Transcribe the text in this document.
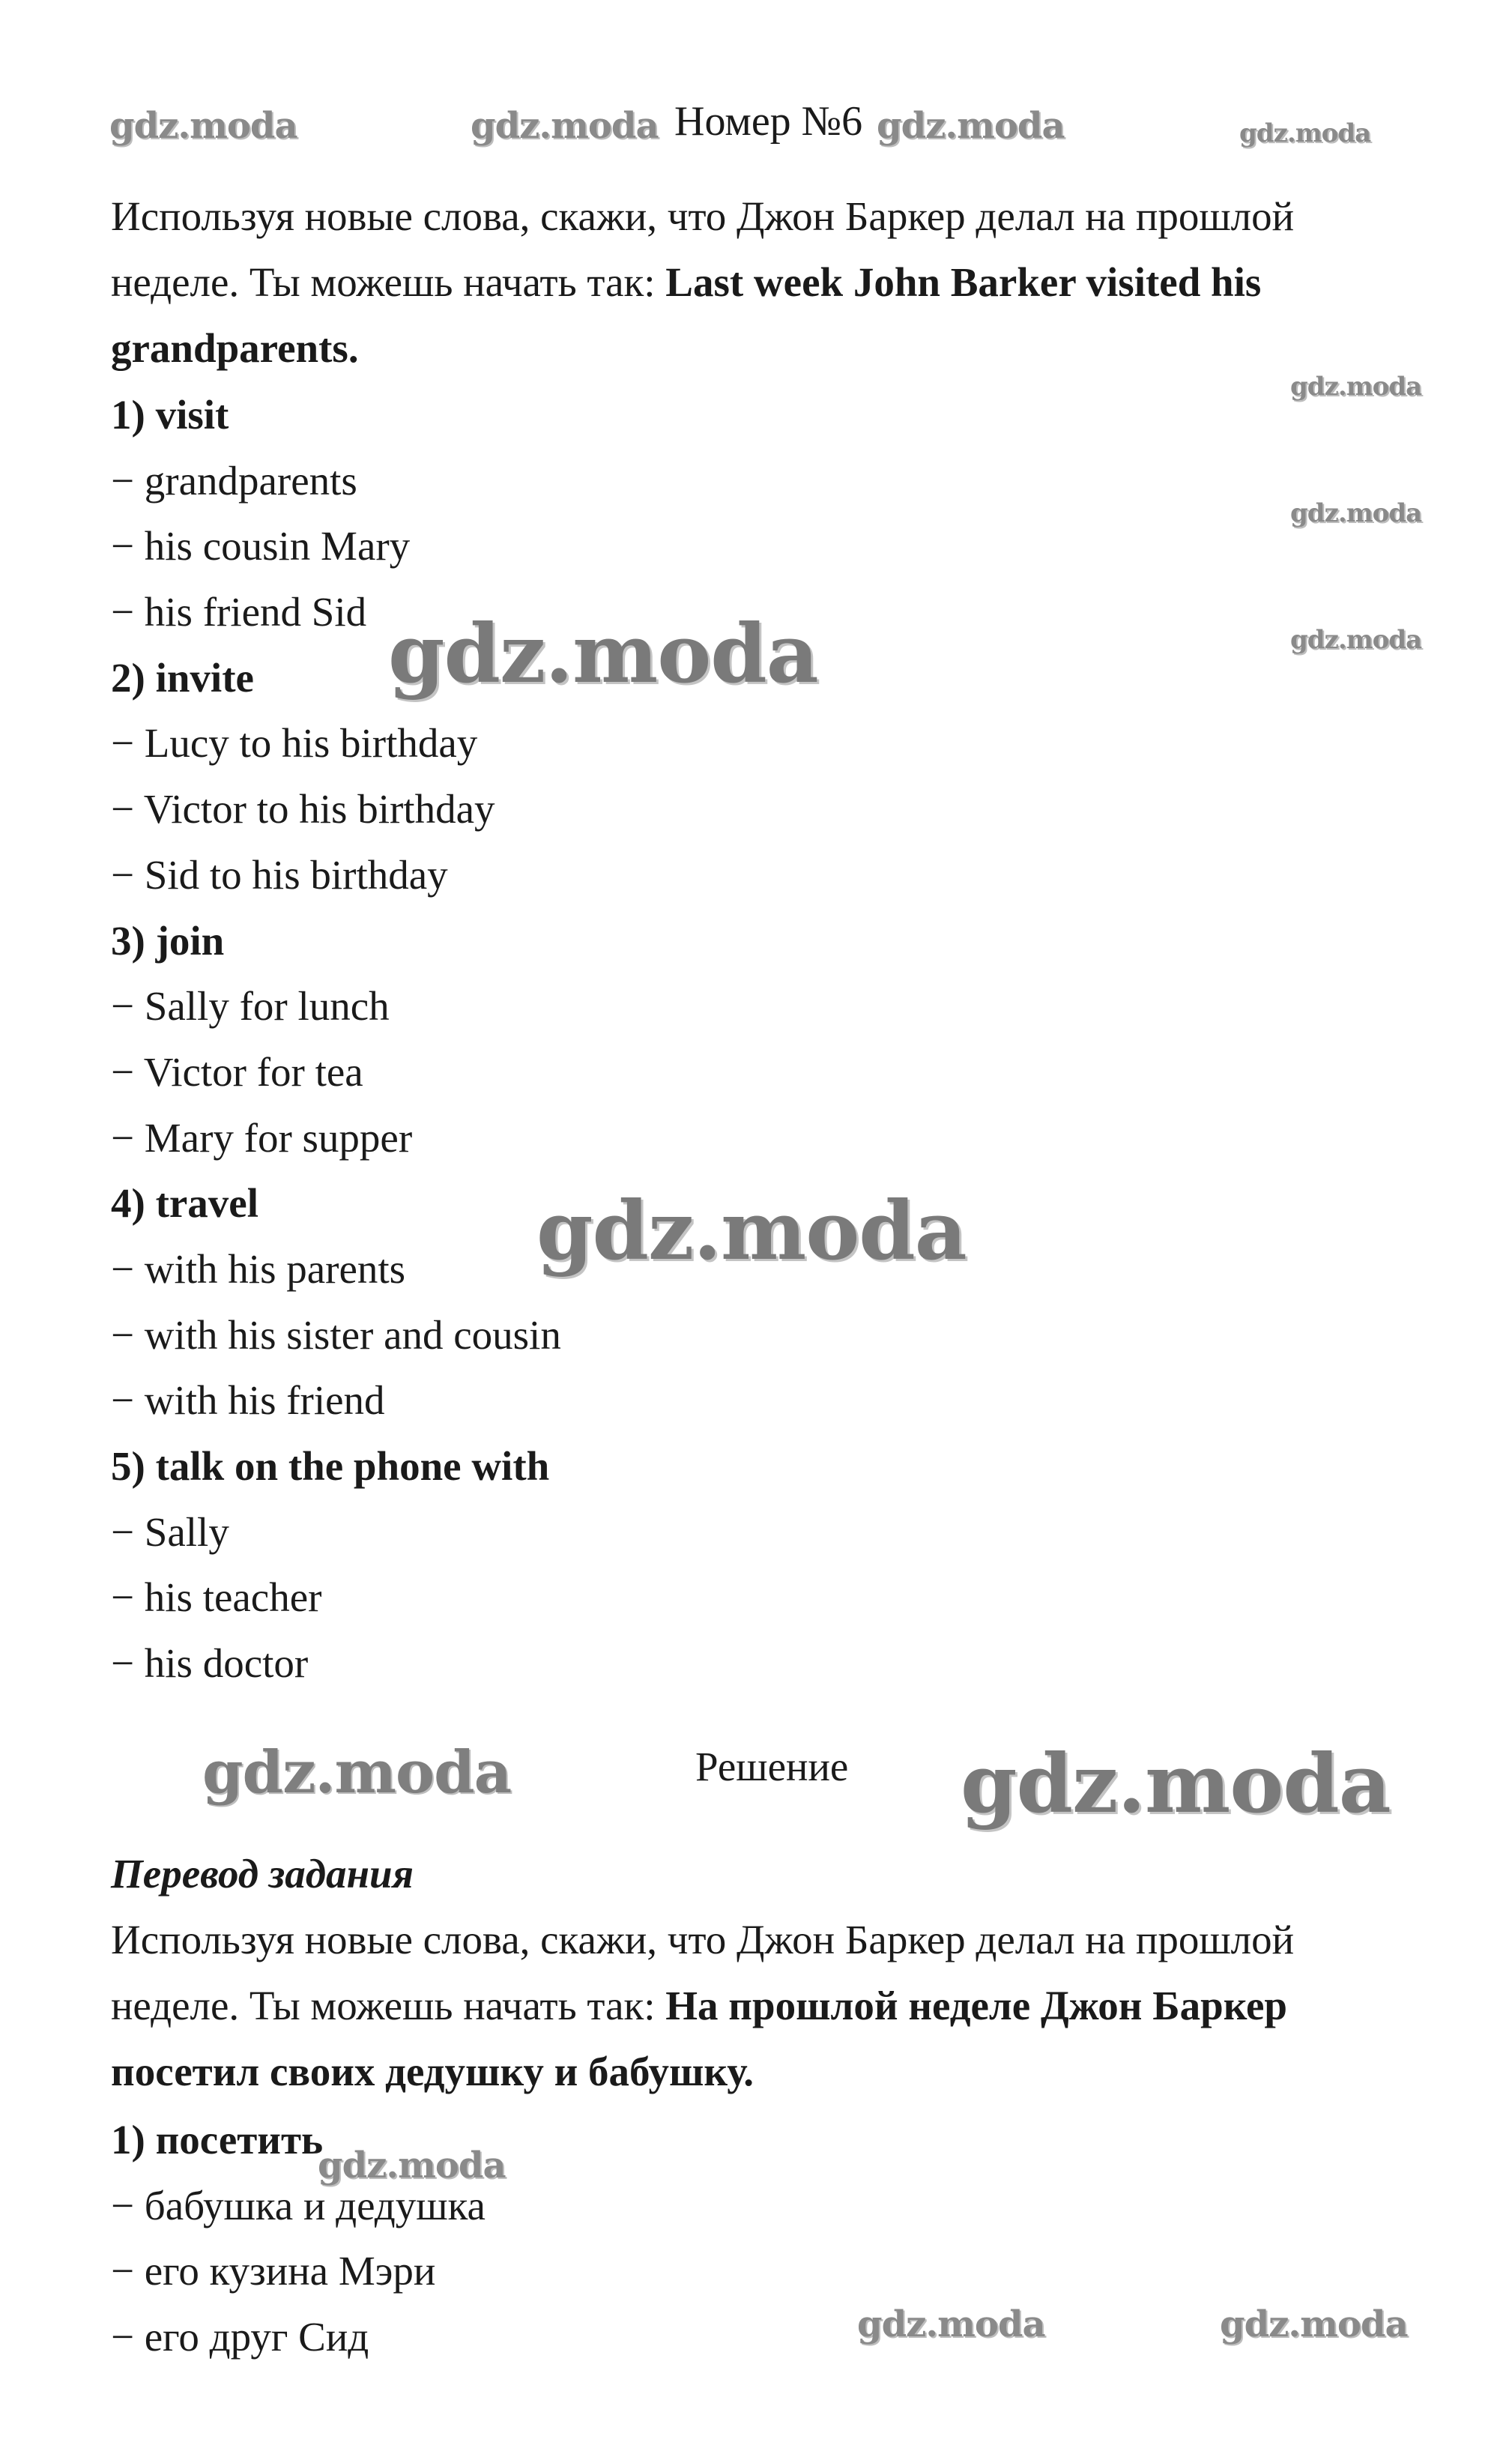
Номер №6
Используя новые слова, скажи, что Джон Баркер делал на прошлой неделе. Ты можешь начать так: Last week John Barker visited his grandparents.
1) visit
− grandparents
− his cousin Mary
− his friend Sid
2) invite
− Lucy to his birthday
− Victor to his birthday
− Sid to his birthday
3) join
− Sally for lunch
− Victor for tea
− Mary for supper
4) travel
− with his parents
− with his sister and cousin
− with his friend
5) talk on the phone with
− Sally
− his teacher
− his doctor
Решение
Перевод задания
Используя новые слова, скажи, что Джон Баркер делал на прошлой неделе. Ты можешь начать так: На прошлой неделе Джон Баркер посетил своих дедушку и бабушку.
1) посетить
− бабушка и дедушка
− его кузина Мэри
− его друг Сид
gdz.moda	gdz.moda	gdz.moda	gdz.moda
gdz.moda
gdz.moda
gdz.moda
gdz.moda
gdz.moda
gdz.moda	gdz.moda
gdz.moda
gdz.moda	gdz.moda
